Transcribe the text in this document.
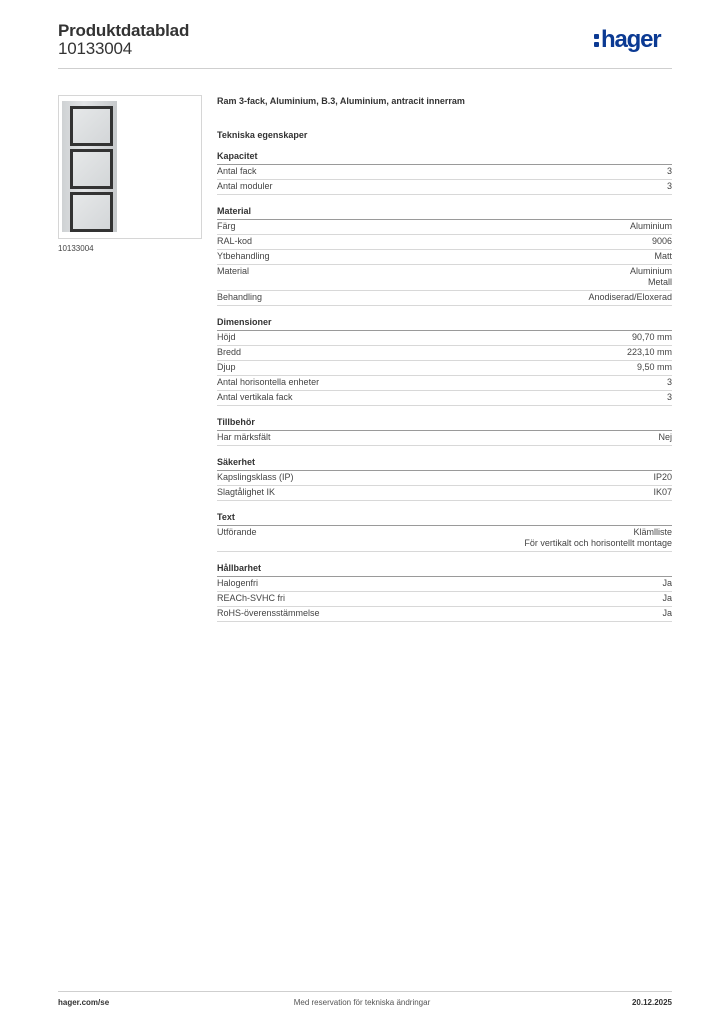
Produktdatablad
10133004	hager
10133004
Ram 3-fack, Aluminium, B.3, Aluminium, antracit innerram
Tekniska egenskaper
Kapacitet
Antal fack	3
Antal moduler	3
Material
Färg	Aluminium
RAL-kod	9006
Ytbehandling	Matt
Material	Aluminium
Metall
Behandling	Anodiserad/Eloxerad
Dimensioner
Höjd	90,70 mm
Bredd	223,10 mm
Djup	9,50 mm
Antal horisontella enheter	3
Antal vertikala fack	3
Tillbehör
Har märksfält	Nej
Säkerhet
Kapslingsklass (IP)	IP20
Slagtålighet IK	IK07
Text
Utförande	Klämlliste
För vertikalt och horisontellt montage
Hållbarhet
Halogenfri	Ja
REACh-SVHC fri	Ja
RoHS-överensstämmelse	Ja
hager.com/se	Med reservation för tekniska ändringar	20.12.2025
